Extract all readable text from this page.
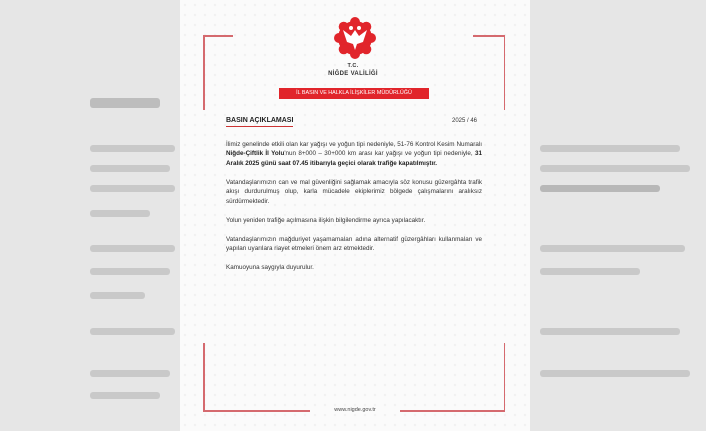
T.C.
NİĞDE VALİLİĞİ
İL BASIN VE HALKLA İLİŞKİLER MÜDÜRLÜĞÜ
BASIN AÇIKLAMASI	2025 / 46

İlimiz genelinde etkili olan kar yağışı ve yoğun tipi nedeniyle, 51-76 Kontrol Kesim Numaralı Niğde-Çiftlik İl Yolu'nun 8+000 – 30+000 km arası kar yağışı ve yoğun tipi nedeniyle, 31 Aralık 2025 günü saat 07.45 itibarıyla geçici olarak trafiğe kapatılmıştır.

Vatandaşlarımızın can ve mal güvenliğini sağlamak amacıyla söz konusu güzergâhta trafik akışı durdurulmuş olup, karla mücadele ekiplerimiz bölgede çalışmalarını aralıksız sürdürmektedir.

Yolun yeniden trafiğe açılmasına ilişkin bilgilendirme ayrıca yapılacaktır.

Vatandaşlarımızın mağduriyet yaşamamaları adına alternatif güzergâhları kullanmaları ve yapılan uyarılara riayet etmeleri önem arz etmektedir.

Kamuoyuna saygıyla duyurulur.

www.nigde.gov.tr
